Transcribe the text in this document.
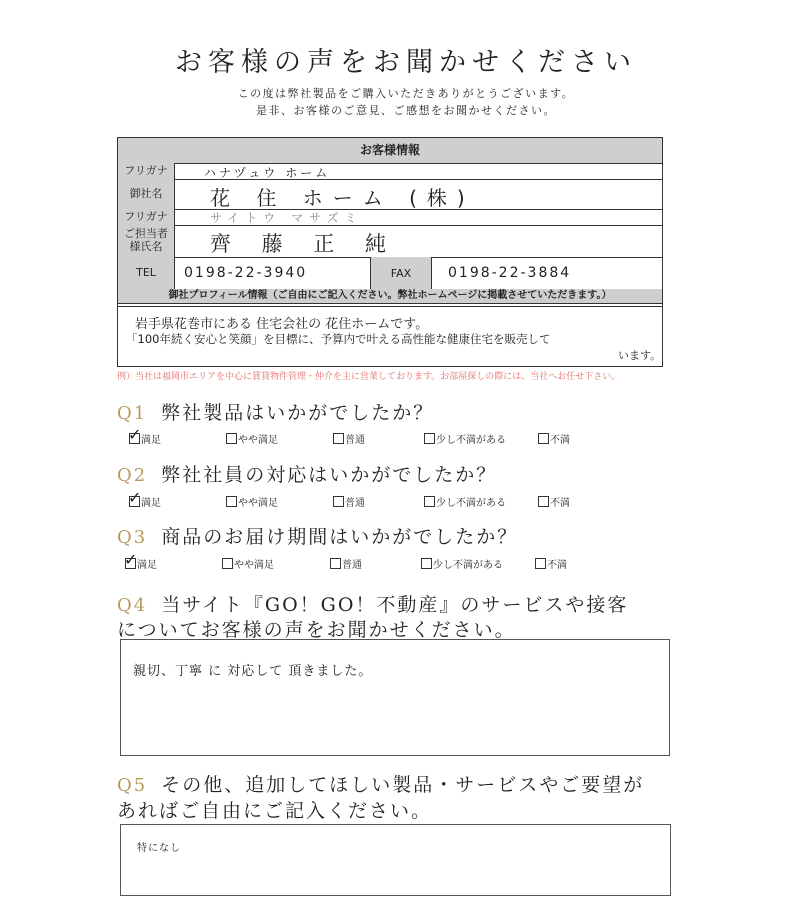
お客様の声をお聞かせください
この度は弊社製品をご購入いただきありがとうございます。
是非、お客様のご意見、ご感想をお聞かせください。
お客様情報
フリガナ	ハナヅュウ ホーム
御社名	花 住 ホーム (株)
フリガナ	サイトウ マサズミ
ご担当者
様氏名 齊 藤 正 純
TEL	0198-22-3940	FAX	0198-22-3884
御社プロフィール情報（ご自由にご記入ください。弊社ホームページに掲載させていただきます。）
岩手県花巻市にある 住宅会社の 花住ホームです。
「100年続く安心と笑顔」を目標に、予算内で叶える高性能な健康住宅を販売して
います。
例）当社は福岡市エリアを中心に賃貸物件管理・仲介を主に営業しております。お部屋探しの際には、当社へお任せ下さい。
Q1 弊社製品はいかがでしたか？
✓ 満足	やや満足	普通	少し不満がある	不満
Q2 弊社社員の対応はいかがでしたか？
✓ 満足	やや満足	普通	少し不満がある	不満
Q3 商品のお届け期間はいかがでしたか？
✓ 満足	やや満足	普通	少し不満がある	不満
Q4 当サイト『GO！GO！不動産』のサービスや接客
についてお客様の声をお聞かせください。
親切、丁寧 に 対応して 頂きました。
Q5 その他、追加してほしい製品・サービスやご要望が
あればご自由にご記入ください。
特になし
